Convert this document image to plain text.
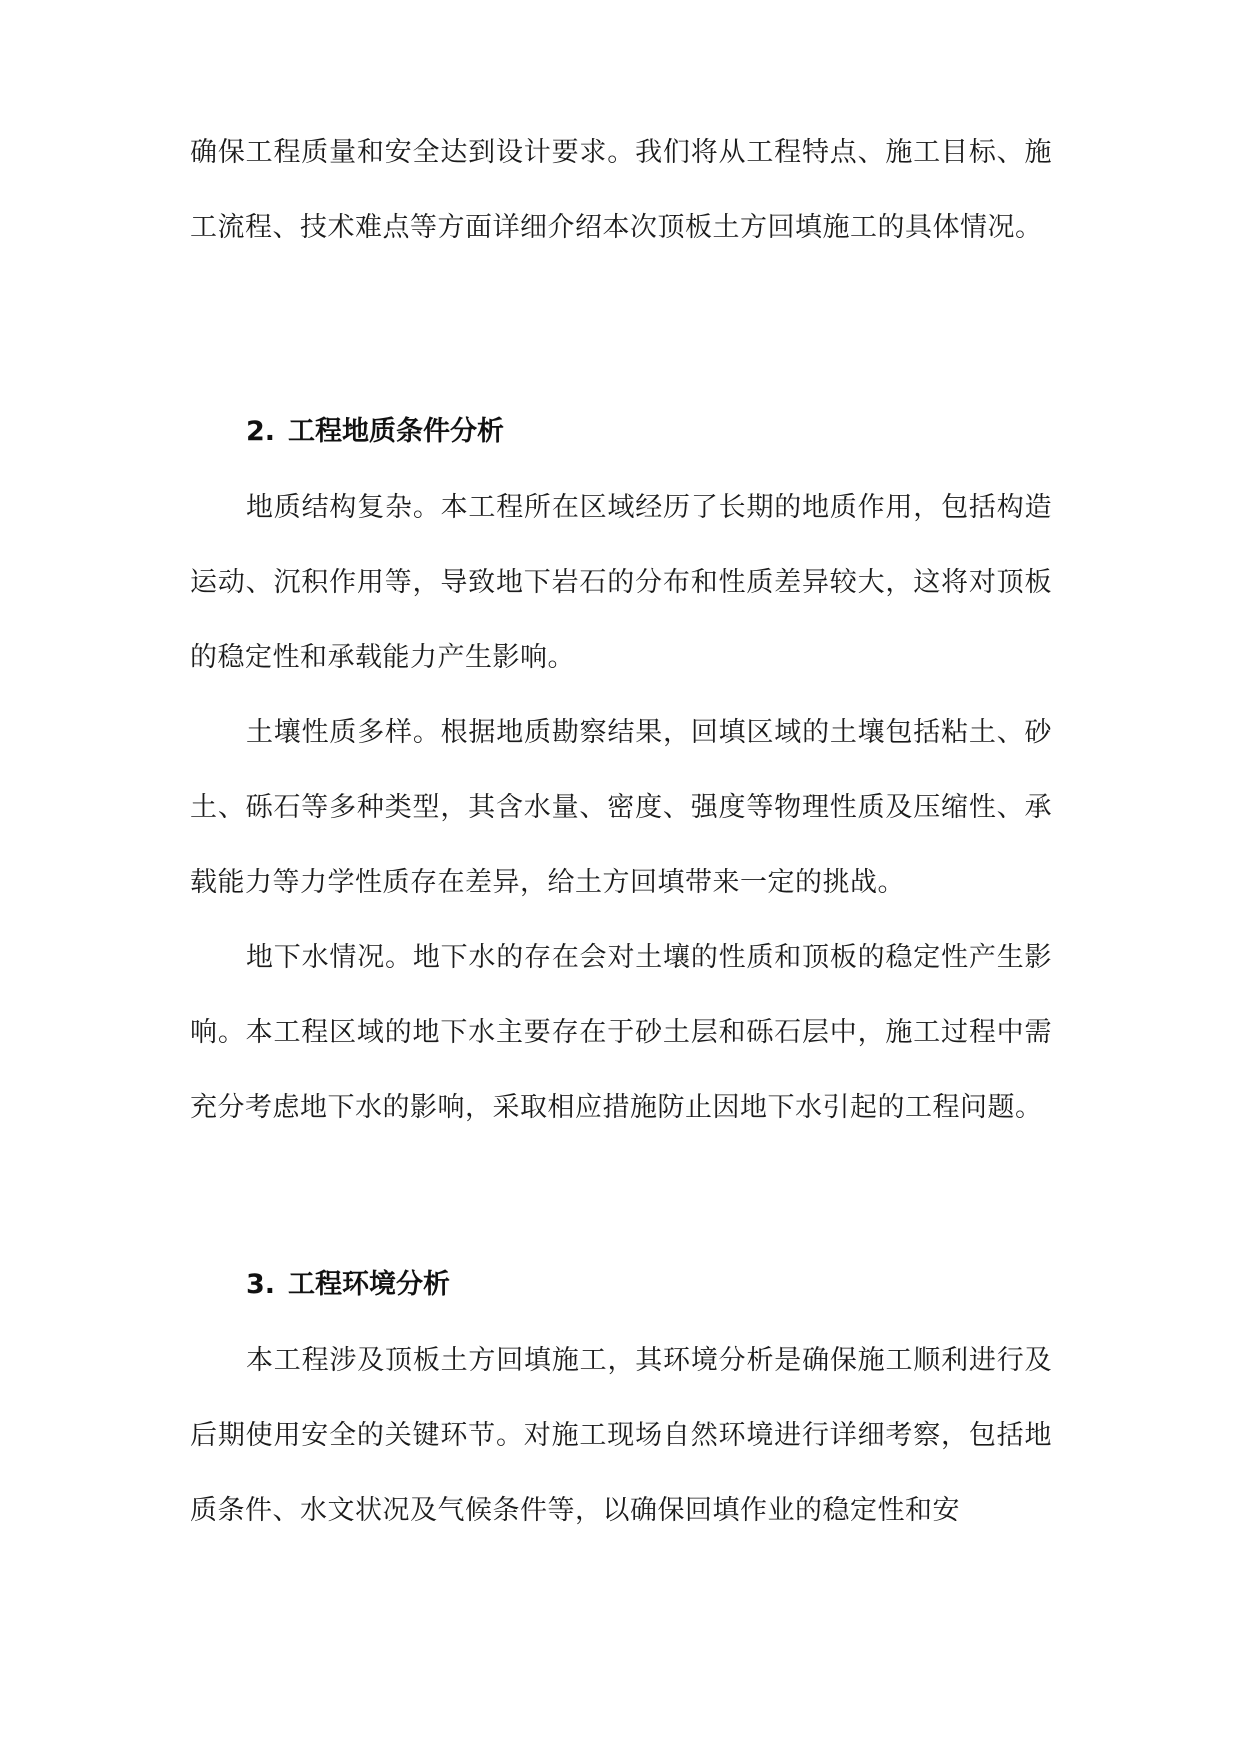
确保工程质量和安全达到设计要求。我们将从工程特点、施工目标、施工流程、技术难点等方面详细介绍本次顶板土方回填施工的具体情况。

2. 工程地质条件分析

地质结构复杂。本工程所在区域经历了长期的地质作用，包括构造运动、沉积作用等，导致地下岩石的分布和性质差异较大，这将对顶板的稳定性和承载能力产生影响。

土壤性质多样。根据地质勘察结果，回填区域的土壤包括粘土、砂土、砾石等多种类型，其含水量、密度、强度等物理性质及压缩性、承载能力等力学性质存在差异，给土方回填带来一定的挑战。

地下水情况。地下水的存在会对土壤的性质和顶板的稳定性产生影响。本工程区域的地下水主要存在于砂土层和砾石层中，施工过程中需充分考虑地下水的影响，采取相应措施防止因地下水引起的工程问题。

3. 工程环境分析

本工程涉及顶板土方回填施工，其环境分析是确保施工顺利进行及后期使用安全的关键环节。对施工现场自然环境进行详细考察，包括地质条件、水文状况及气候条件等，以确保回填作业的稳定性和安
